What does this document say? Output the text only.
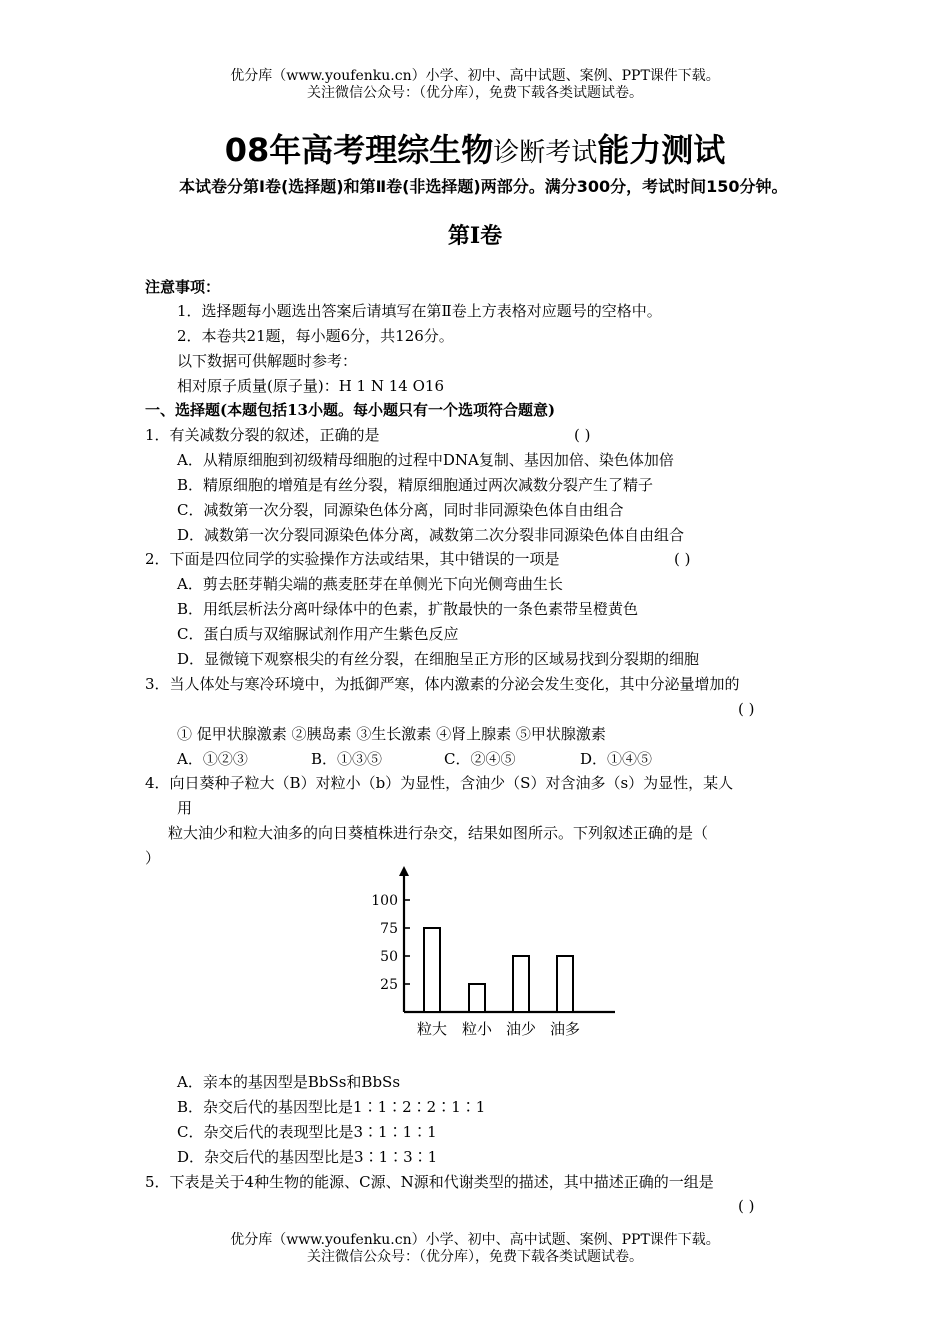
优分库（www.youfenku.cn）小学、初中、高中试题、案例、PPT课件下载。
关注微信公众号：（优分库），免费下载各类试题试卷。
08年高考理综生物诊断考试能力测试
本试卷分第Ⅰ卷(选择题)和第Ⅱ卷(非选择题)两部分。满分300分，考试时间150分钟。
第Ⅰ卷
注意事项：
1．选择题每小题选出答案后请填写在第Ⅱ卷上方表格对应题号的空格中。
2．本卷共21题，每小题6分，共126分。
以下数据可供解题时参考：
相对原子质量(原子量)：H 1 N 14 O16
一、选择题(本题包括13小题。每小题只有一个选项符合题意)
1．有关减数分裂的叙述，正确的是	( )
A．从精原细胞到初级精母细胞的过程中DNA复制、基因加倍、染色体加倍
B．精原细胞的增殖是有丝分裂，精原细胞通过两次减数分裂产生了精子
C．减数第一次分裂，同源染色体分离，同时非同源染色体自由组合
D．减数第一次分裂同源染色体分离，减数第二次分裂非同源染色体自由组合
2．下面是四位同学的实验操作方法或结果，其中错误的一项是	( )
A．剪去胚芽鞘尖端的燕麦胚芽在单侧光下向光侧弯曲生长
B．用纸层析法分离叶绿体中的色素，扩散最快的一条色素带呈橙黄色
C．蛋白质与双缩脲试剂作用产生紫色反应
D．显微镜下观察根尖的有丝分裂，在细胞呈正方形的区域易找到分裂期的细胞
3．当人体处与寒冷环境中，为抵御严寒，体内激素的分泌会发生变化，其中分泌量增加的
( )
① 促甲状腺激素 ②胰岛素 ③生长激素 ④肾上腺素 ⑤甲状腺激素
A．①②③	B．①③⑤	C．②④⑤	D．①④⑤
4．向日葵种子粒大（B）对粒小（b）为显性，含油少（S）对含油多（s）为显性，某人
用
粒大油少和粒大油多的向日葵植株进行杂交，结果如图所示。下列叙述正确的是（
）
100
75
50
25
粒大 粒小 油少 油多
A．亲本的基因型是BbSs和BbSs
B．杂交后代的基因型比是1∶1∶2∶2∶1∶1
C．杂交后代的表现型比是3∶1∶1∶1
D．杂交后代的基因型比是3∶1∶3∶1
5．下表是关于4种生物的能源、C源、N源和代谢类型的描述，其中描述正确的一组是
( )
优分库（www.youfenku.cn）小学、初中、高中试题、案例、PPT课件下载。
关注微信公众号：（优分库），免费下载各类试题试卷。
